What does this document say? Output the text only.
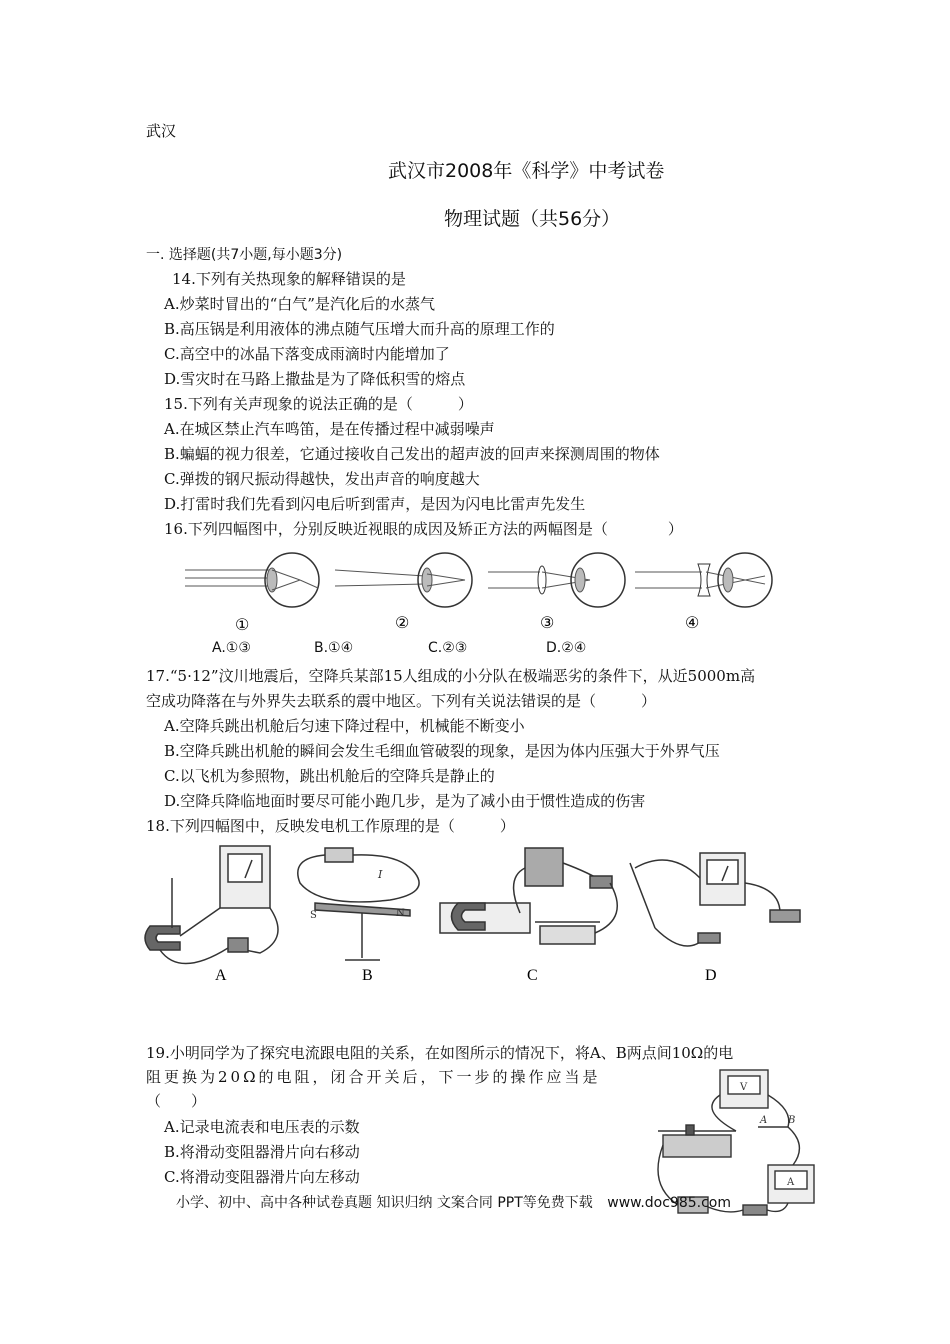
武汉
武汉市2008年《科学》中考试卷
物理试题（共56分）
一. 选择题(共7小题,每小题3分)
14.下列有关热现象的解释错误的是
A.炒菜时冒出的“白气”是汽化后的水蒸气
B.高压锅是利用液体的沸点随气压增大而升高的原理工作的
C.高空中的冰晶下落变成雨滴时内能增加了
D.雪灾时在马路上撒盐是为了降低积雪的熔点
15.下列有关声现象的说法正确的是（　　　）
A.在城区禁止汽车鸣笛，是在传播过程中减弱噪声
B.蝙蝠的视力很差，它通过接收自己发出的超声波的回声来探测周围的物体
C.弹拨的钢尺振动得越快，发出声音的响度越大
D.打雷时我们先看到闪电后听到雷声，是因为闪电比雷声先发生
16.下列四幅图中，分别反映近视眼的成因及矫正方法的两幅图是（　　　　）
①	②	③	④
A.①③	B.①④	C.②③	D.②④
17.“5·12”汶川地震后，空降兵某部15人组成的小分队在极端恶劣的条件下，从近5000m高
空成功降落在与外界失去联系的震中地区。下列有关说法错误的是（　　　）
A.空降兵跳出机舱后匀速下降过程中，机械能不断变小
B.空降兵跳出机舱的瞬间会发生毛细血管破裂的现象，是因为体内压强大于外界气压
C.以飞机为参照物，跳出机舱后的空降兵是静止的
D.空降兵降临地面时要尽可能小跑几步，是为了减小由于惯性造成的伤害
18.下列四幅图中，反映发电机工作原理的是（　　　）
A	B	C	D
I
S	N
19.小明同学为了探究电流跟电阻的关系，在如图所示的情况下，将A、B两点间10Ω的电
阻更换为20Ω的电阻，闭合开关后，下一步的操作应当是
（　　）
A.记录电流表和电压表的示数
B.将滑动变阻器滑片向右移动
C.将滑动变阻器滑片向左移动
V
A B
A
小学、初中、高中各种试卷真题 知识归纳 文案合同 PPT等免费下载 www.doc985.com
